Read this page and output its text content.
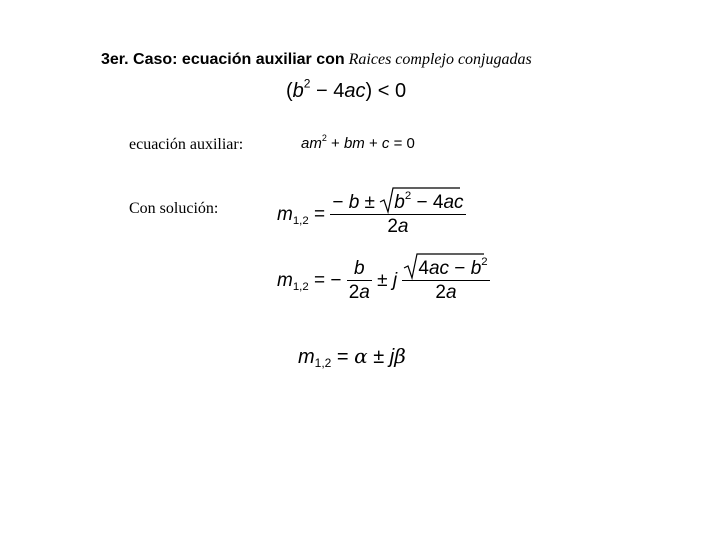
3er. Caso: ecuación auxiliar con Raices complejo conjugadas
$(b^2 - 4ac) < 0$
ecuación auxiliar:	$am^2$ + bm + c = 0
Con solución:	$m_{1,2}$ = − b ±
$b^2 - 4ac$
2a
$m_{1,2}$ = − $\frac{b}{2a} \pm j \frac{4ac - b^2}{2a}$
$m_{1,2} = \alpha \pm j\beta$
